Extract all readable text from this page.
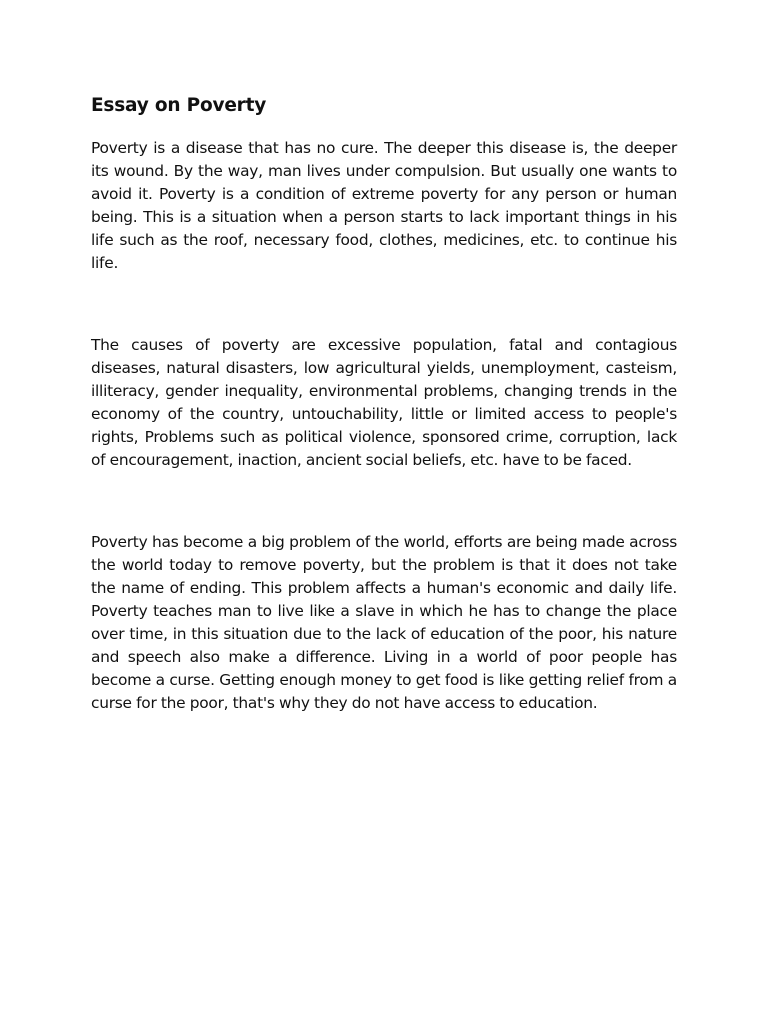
Essay on Poverty

Poverty is a disease that has no cure. The deeper this disease is, the deeper its wound. By the way, man lives under compulsion. But usually one wants to avoid it. Poverty is a condition of extreme poverty for any person or human being. This is a situation when a person starts to lack important things in his life such as the roof, necessary food, clothes, medicines, etc. to continue his life.

The causes of poverty are excessive population, fatal and contagious diseases, natural disasters, low agricultural yields, unemployment, casteism, illiteracy, gender inequality, environmental problems, changing trends in the economy of the country, untouchability, little or limited access to people's rights, Problems such as political violence, sponsored crime, corruption, lack of encouragement, inaction, ancient social beliefs, etc. have to be faced.

Poverty has become a big problem of the world, efforts are being made across the world today to remove poverty, but the problem is that it does not take the name of ending. This problem affects a human's economic and daily life. Poverty teaches man to live like a slave in which he has to change the place over time, in this situation due to the lack of education of the poor, his nature and speech also make a difference. Living in a world of poor people has become a curse. Getting enough money to get food is like getting relief from a curse for the poor, that's why they do not have access to education.
